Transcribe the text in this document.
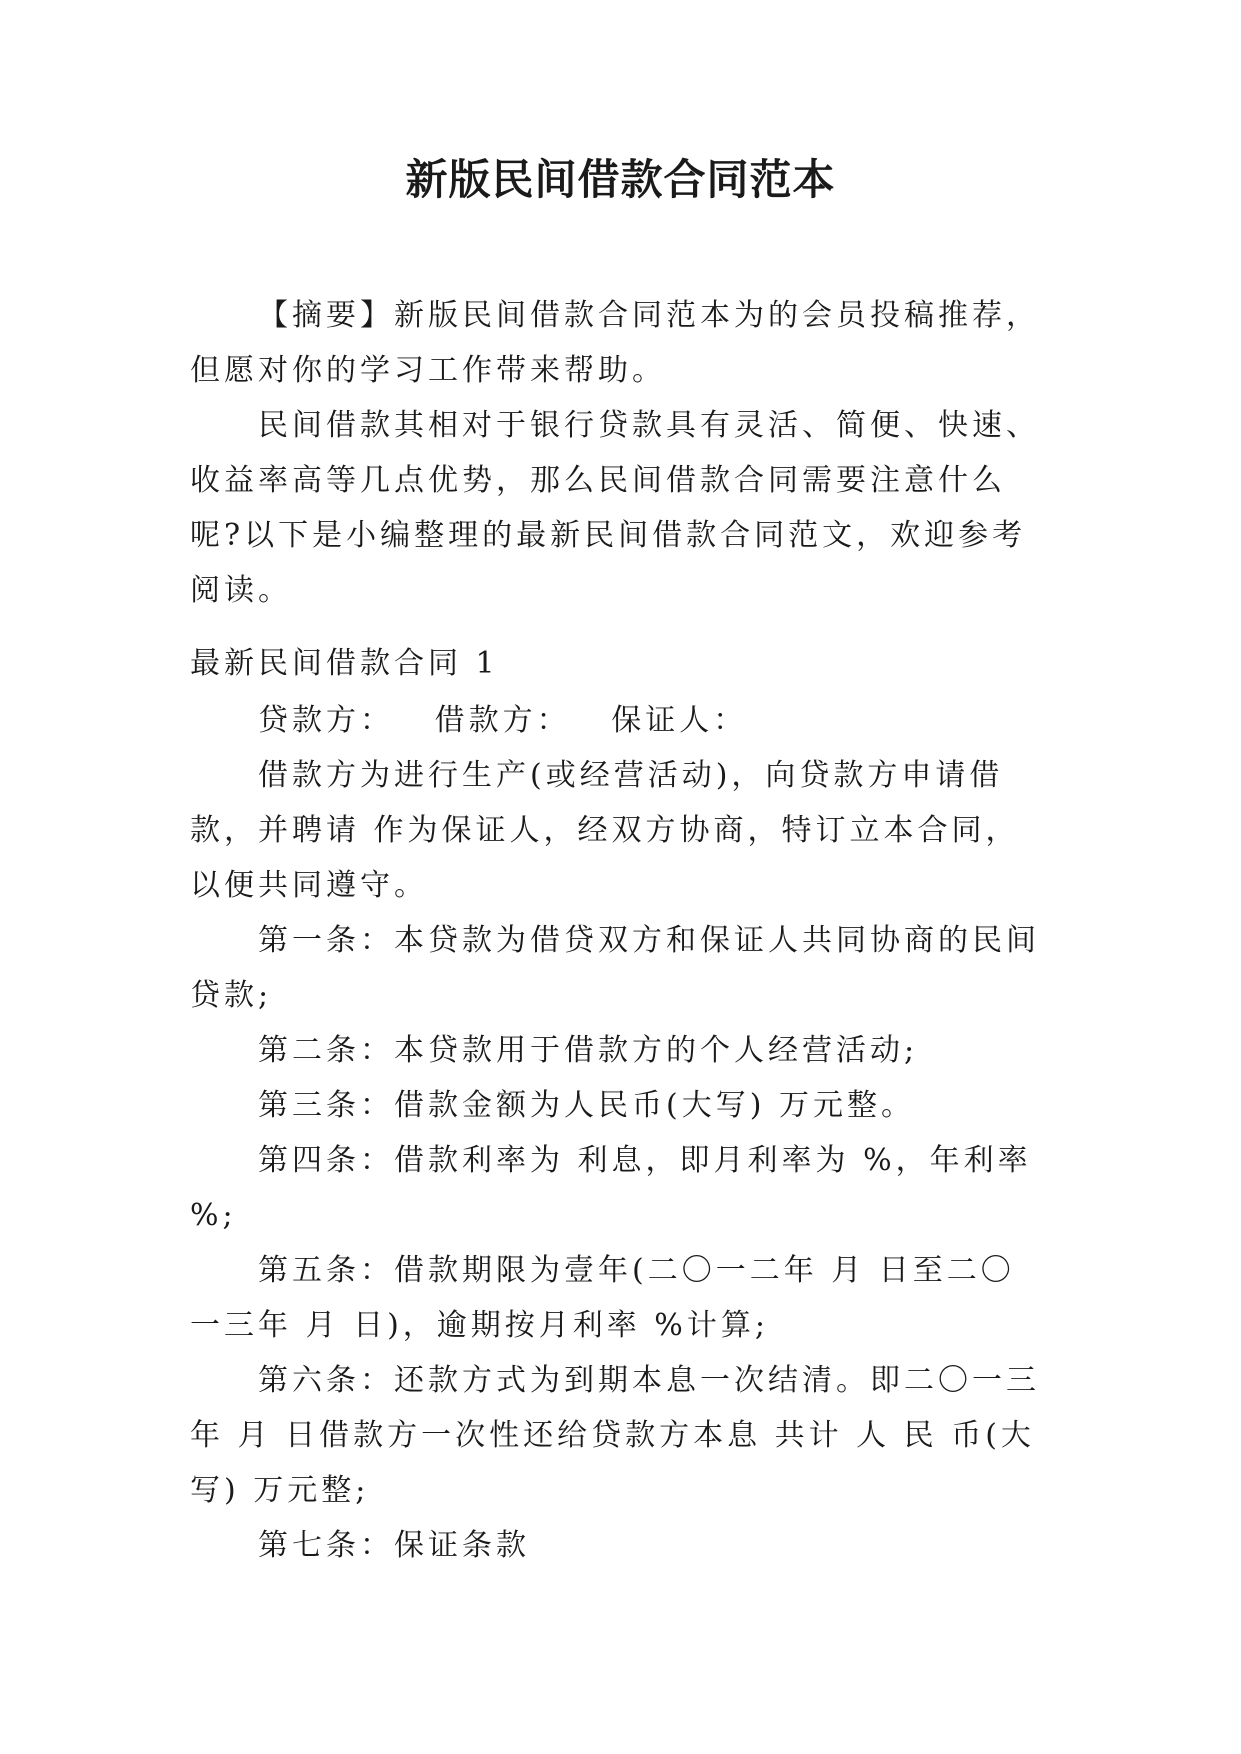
新版民间借款合同范本

【摘要】新版民间借款合同范本为的会员投稿推荐，但愿对你的学习工作带来帮助。

民间借款其相对于银行贷款具有灵活、简便、快速、收益率高等几点优势，那么民间借款合同需要注意什么呢?以下是小编整理的最新民间借款合同范文，欢迎参考阅读。

最新民间借款合同 1

贷款方：   借款方：   保证人：

借款方为进行生产(或经营活动)，向贷款方申请借款，并聘请 作为保证人，经双方协商，特订立本合同，以便共同遵守。

第一条：本贷款为借贷双方和保证人共同协商的民间贷款;

第二条：本贷款用于借款方的个人经营活动;

第三条：借款金额为人民币(大写) 万元整。

第四条：借款利率为 利息，即月利率为 %，年利率 %;

第五条：借款期限为壹年(二〇一二年 月 日至二〇一三年 月 日)，逾期按月利率 %计算;

第六条：还款方式为到期本息一次结清。即二〇一三年 月 日借款方一次性还给贷款方本息 共计 人 民 币(大写) 万元整;

第七条：保证条款
